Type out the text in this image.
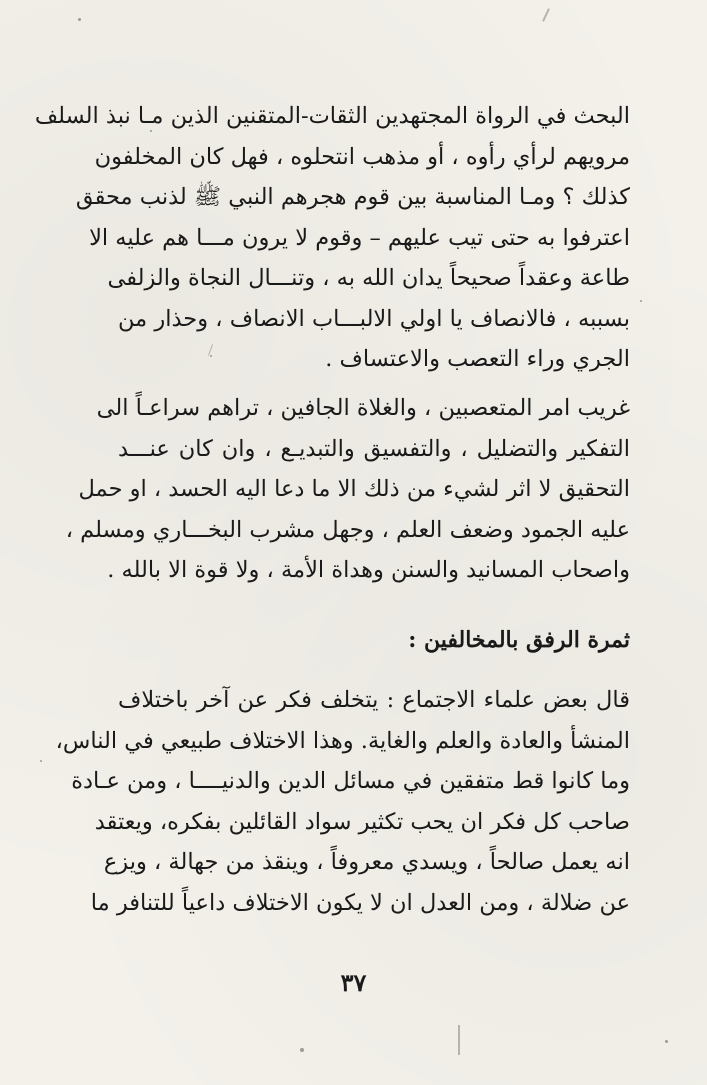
البحث في الرواة المجتهدين الثقات-المتقنين الذين مـا نبذ السلف

مرويهم لرأي رأوه ، أو مذهب انتحلوه ، فهل كان المخلفون

كذلك ؟ ومـا المناسبة بين قوم هجرهم النبي ﷺ لذنب محقق

اعترفوا به حتى تيب عليهم – وقوم لا يرون مـــا هم عليه الا

طاعة وعقداً صحيحاً يدان الله به ، وتنـــال النجاة والزلفى

بسببه ، فالانصاف يا اولي الالبـــاب الانصاف ، وحذار من

الجري وراء التعصب والاعتساف .

غريب امر المتعصبين ، والغلاة الجافين ، تراهم سراعـاً الى

التفكير والتضليل ، والتفسيق والتبديـع ، وان كان عنـــد

التحقيق لا اثر لشيء من ذلك الا ما دعا اليه الحسد ، او حمل

عليه الجمود وضعف العلم ، وجهل مشرب البخـــاري ومسلم ،

واصحاب المسانيد والسنن وهداة الأمة ، ولا قوة الا بالله .

ثمرة الرفق بالمخالفين :

قال بعض علماء الاجتماع : يتخلف فكر عن آخر باختلاف

المنشأ والعادة والعلم والغاية. وهذا الاختلاف طبيعي في الناس،

وما كانوا قط متفقين في مسائل الدين والدنيــــا ، ومن عـادة

صاحب كل فكر ان يحب تكثير سواد القائلين بفكره، ويعتقد

انه يعمل صالحاً ، ويسدي معروفاً ، وينقذ من جهالة ، ويزع

عن ضلالة ، ومن العدل ان لا يكون الاختلاف داعياً للتنافر ما

٣٧
